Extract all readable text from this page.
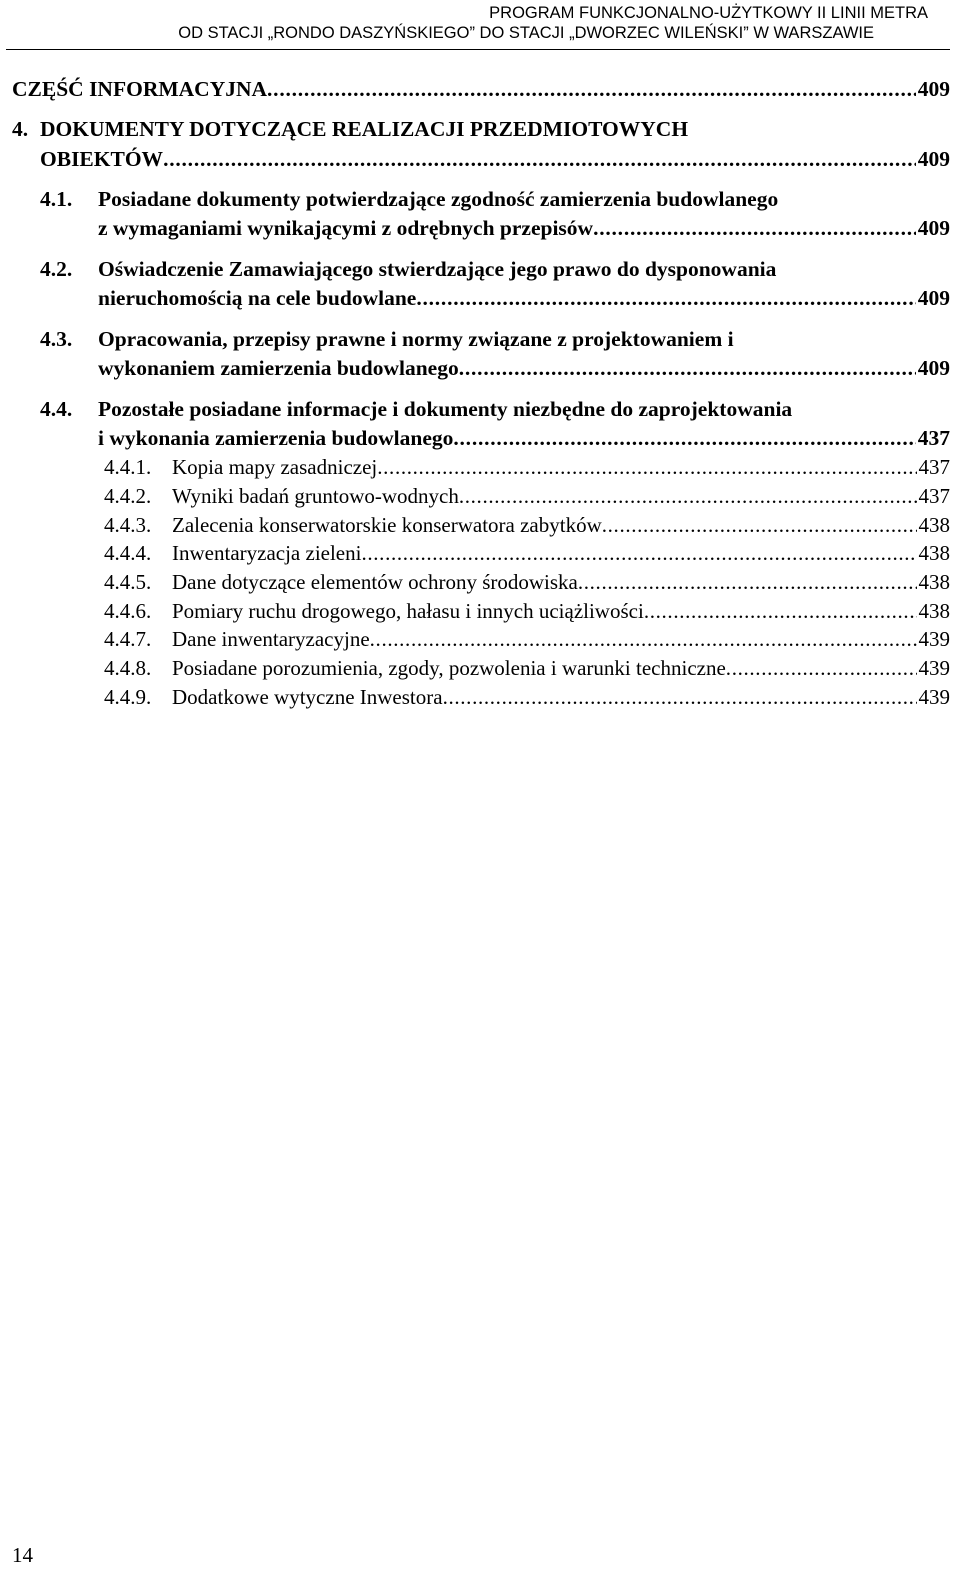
PROGRAM FUNKCJONALNO-UŻYTKOWY II LINII METRA
OD STACJI „RONDO DASZYŃSKIEGO” DO STACJI „DWORZEC WILEŃSKI” W WARSZAWIE
CZĘŚĆ INFORMACYJNA . . .	409
4. DOKUMENTY DOTYCZĄCE REALIZACJI PRZEDMIOTOWYCH
OBIEKTÓW . . .	409
4.1. Posiadane dokumenty potwierdzające zgodność zamierzenia budowlanego
z wymaganiami wynikającymi z odrębnych przepisów . . .	409
4.2. Oświadczenie Zamawiającego stwierdzające jego prawo do dysponowania
nieruchomością na cele budowlane . . .	409
4.3. Opracowania, przepisy prawne i normy związane z projektowaniem i
wykonaniem zamierzenia budowlanego . . .	409
4.4. Pozostałe posiadane informacje i dokumenty niezbędne do zaprojektowania
i wykonania zamierzenia budowlanego . . .	437
4.4.1. Kopia mapy zasadniczej . . .	437
4.4.2. Wyniki badań gruntowo-wodnych . . .	437
4.4.3. Zalecenia konserwatorskie konserwatora zabytków . . .	438
4.4.4. Inwentaryzacja zieleni . . .	438
4.4.5. Dane dotyczące elementów ochrony środowiska . . .	438
4.4.6. Pomiary ruchu drogowego, hałasu i innych uciążliwości . . .	438
4.4.7. Dane inwentaryzacyjne . . .	439
4.4.8. Posiadane porozumienia, zgody, pozwolenia i warunki techniczne . . .	439
4.4.9. Dodatkowe wytyczne Inwestora . . .	439
14
